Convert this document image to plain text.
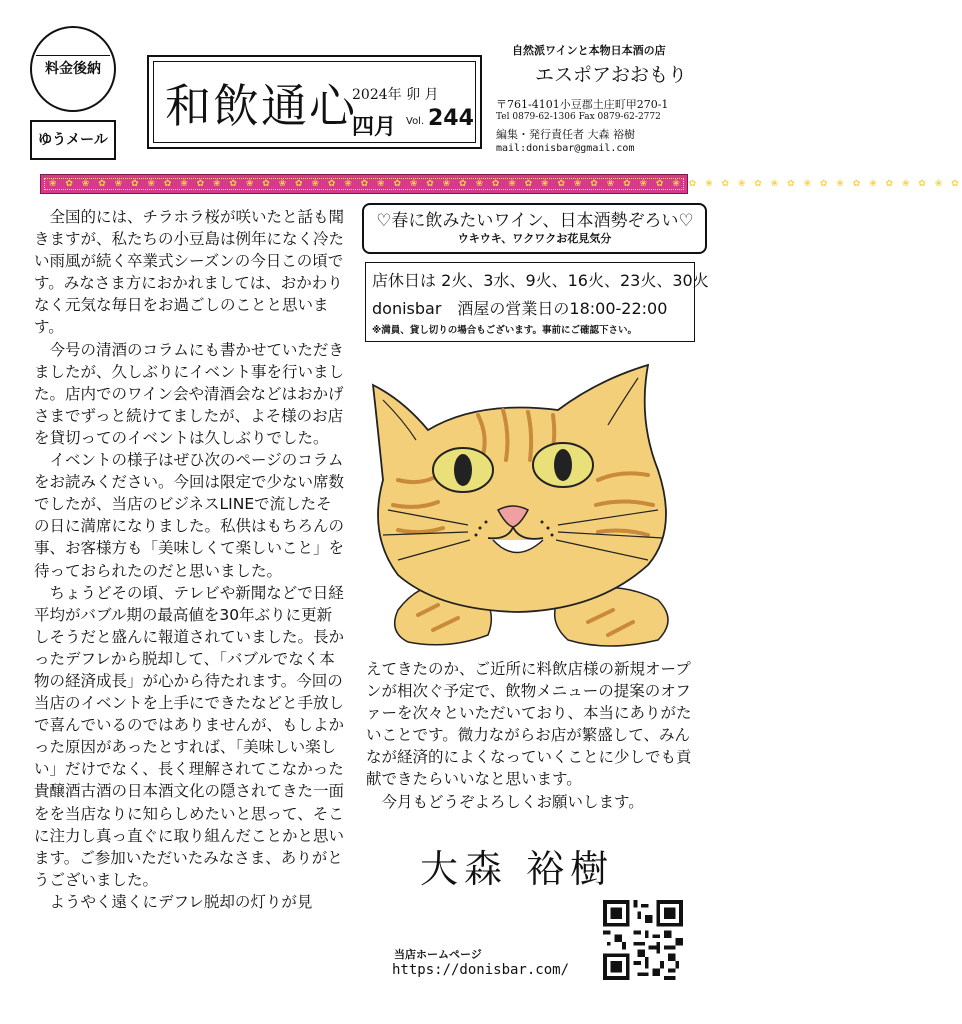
料金後納
ゆうメール
和飲通心
2024年 卯 月
四月 Vol. 244
自然派ワインと本物日本酒の店
エスポアおおもり
〒761-4101小豆郡土庄町甲270-1
Tel 0879-62-1306 Fax 0879-62-2772
編集・発行責任者 大森 裕樹
mail:donisbar@gmail.com
❀ ✿ ❀ ✿ ❀ ✿ ❀ ✿ ❀ ✿ ❀ ✿ ❀ ✿ ❀ ✿ ❀ ✿ ❀ ✿ ❀ ✿ ❀ ✿ ❀ ✿ ❀ ✿ ❀ ✿ ❀ ✿ ❀ ✿ ❀ ✿ ❀ ✿ ❀ ✿ ❀ ✿ ❀ ✿ ❀ ✿ ❀ ✿ ❀ ✿ ❀ ✿ ❀ ✿ ❀ ✿

全国的には、チラホラ桜が咲いたと話も聞きますが、私たちの小豆島は例年になく冷たい雨風が続く卒業式シーズンの今日この頃です。みなさま方におかれましては、おかわりなく元気な毎日をお過ごしのことと思います。

今号の清酒のコラムにも書かせていただきましたが、久しぶりにイベント事を行いました。店内でのワイン会や清酒会などはおかげさまでずっと続けてましたが、よそ様のお店を貸切ってのイベントは久しぶりでした。

イベントの様子はぜひ次のページのコラムをお読みください。今回は限定で少ない席数でしたが、当店のビジネスLINEで流したその日に満席になりました。私供はもちろんの事、お客様方も「美味しくて楽しいこと」を待っておられたのだと思いました。

ちょうどその頃、テレビや新聞などで日経平均がバブル期の最高値を30年ぶりに更新しそうだと盛んに報道されていました。長かったデフレから脱却して、「バブルでなく本物の経済成長」が心から待たれます。今回の当店のイベントを上手にできたなどと手放しで喜んでいるのではありませんが、もしよかった原因があったとすれば、「美味しい楽しい」だけでなく、長く理解されてこなかった貴醸酒古酒の日本酒文化の隠されてきた一面をを当店なりに知らしめたいと思って、そこに注力し真っ直ぐに取り組んだことかと思います。ご参加いただいたみなさま、ありがとうございました。

ようやく遠くにデフレ脱却の灯りが見

♡春に飲みたいワイン、日本酒勢ぞろい♡
ウキウキ、ワクワクお花見気分
店休日は 2火、3水、9火、16火、23火、30火
donisbar　酒屋の営業日の18:00-22:00
※満員、貸し切りの場合もございます。事前にご確認下さい。

えてきたのか、ご近所に料飲店様の新規オープンが相次ぐ予定で、飲物メニューの提案のオファーを次々といただいており、本当にありがたいことです。微力ながらお店が繁盛して、みんなが経済的によくなっていくことに少しでも貢献できたらいいなと思います。

今月もどうぞよろしくお願いします。

大森 裕樹
当店ホームページ
https://donisbar.com/
